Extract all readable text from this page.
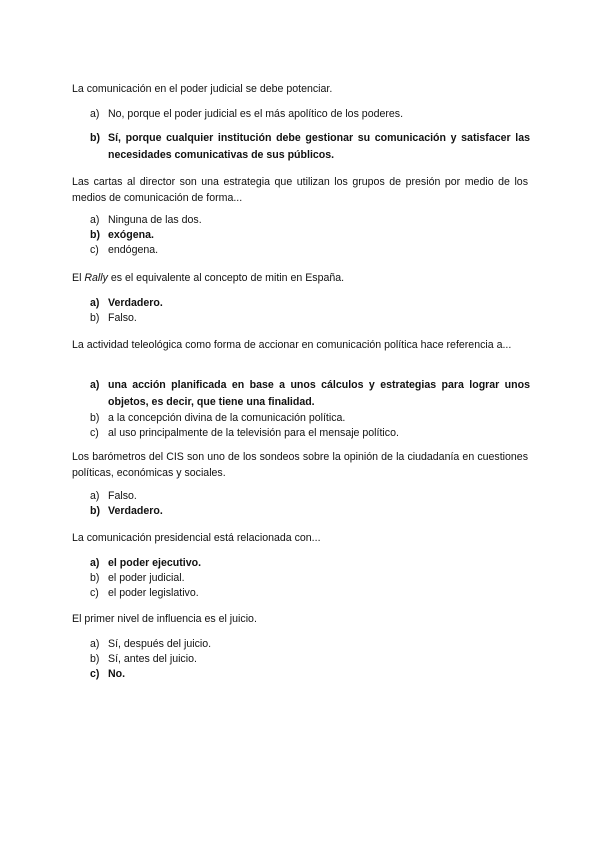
La comunicación en el poder judicial se debe potenciar.

a) No, porque el poder judicial es el más apolítico de los poderes.
b) Sí, porque cualquier institución debe gestionar su comunicación y satisfacer las necesidades comunicativas de sus públicos.

Las cartas al director son una estrategia que utilizan los grupos de presión por medio de los medios de comunicación de forma...

a) Ninguna de las dos.
b) exógena.
c) endógena.

El Rally es el equivalente al concepto de mitin en España.

a) Verdadero.
b) Falso.

La actividad teleológica como forma de accionar en comunicación política hace referencia a...

a) una acción planificada en base a unos cálculos y estrategias para lograr unos objetos, es decir, que tiene una finalidad.
b) a la concepción divina de la comunicación política.
c) al uso principalmente de la televisión para el mensaje político.

Los barómetros del CIS son uno de los sondeos sobre la opinión de la ciudadanía en cuestiones políticas, económicas y sociales.

a) Falso.
b) Verdadero.

La comunicación presidencial está relacionada con...

a) el poder ejecutivo.
b) el poder judicial.
c) el poder legislativo.

El primer nivel de influencia es el juicio.

a) Sí, después del juicio.
b) Sí, antes del juicio.
c) No.
